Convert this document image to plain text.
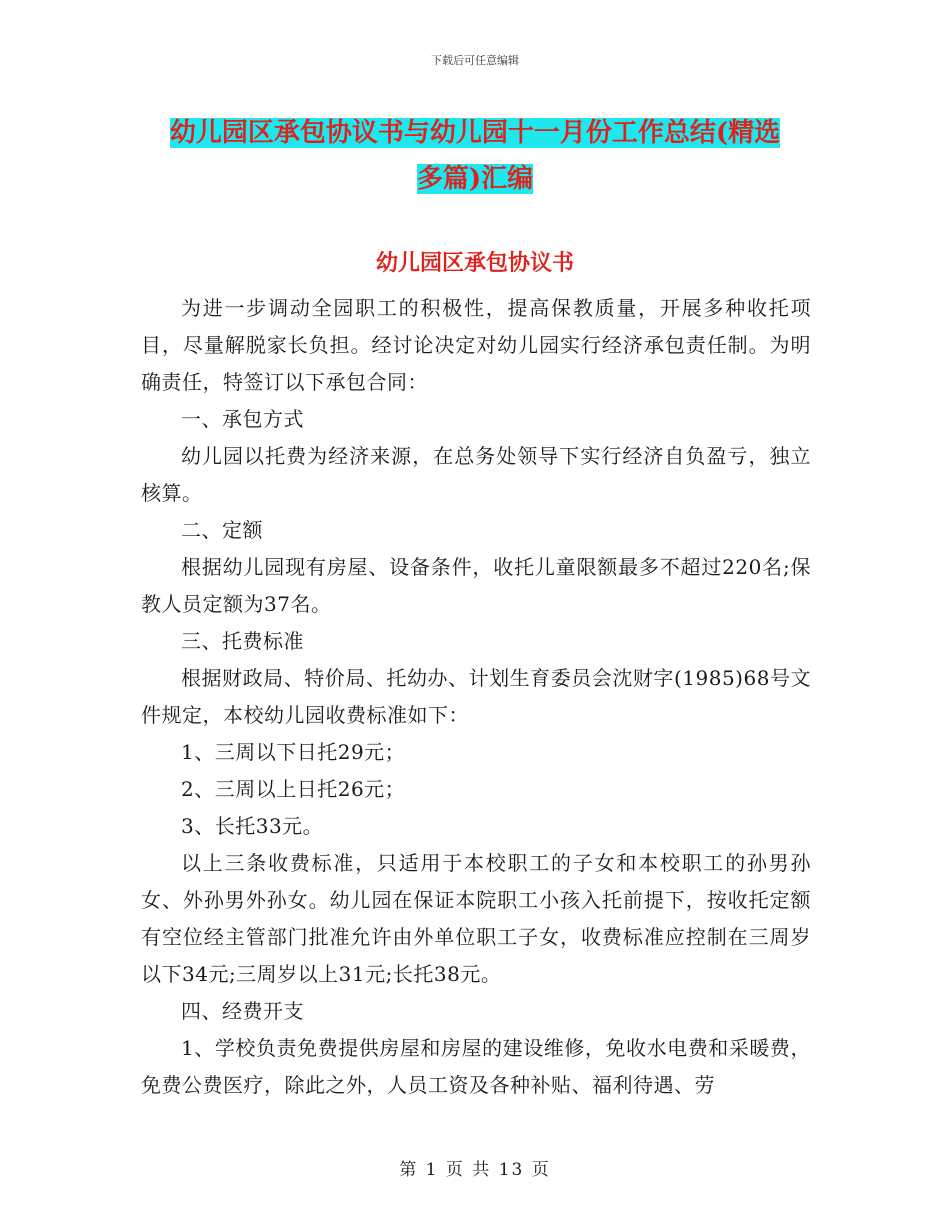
下载后可任意编辑
幼儿园区承包协议书与幼儿园十一月份工作总结(精选
多篇)汇编
幼儿园区承包协议书

为进一步调动全园职工的积极性，提高保教质量，开展多种收托项目，尽量解脱家长负担。经讨论决定对幼儿园实行经济承包责任制。为明确责任，特签订以下承包合同：

一、承包方式

幼儿园以托费为经济来源，在总务处领导下实行经济自负盈亏，独立核算。

二、定额

根据幼儿园现有房屋、设备条件，收托儿童限额最多不超过220名;保教人员定额为37名。

三、托费标准

根据财政局、特价局、托幼办、计划生育委员会沈财字(1985)68号文件规定，本校幼儿园收费标准如下：

1、三周以下日托29元；

2、三周以上日托26元；

3、长托33元。

以上三条收费标准，只适用于本校职工的子女和本校职工的孙男孙女、外孙男外孙女。幼儿园在保证本院职工小孩入托前提下，按收托定额有空位经主管部门批准允许由外单位职工子女，收费标准应控制在三周岁以下34元;三周岁以上31元;长托38元。

四、经费开支

1、学校负责免费提供房屋和房屋的建设维修，免收水电费和采暖费，免费公费医疗，除此之外，人员工资及各种补贴、福利待遇、劳

第 1 页 共 13 页
